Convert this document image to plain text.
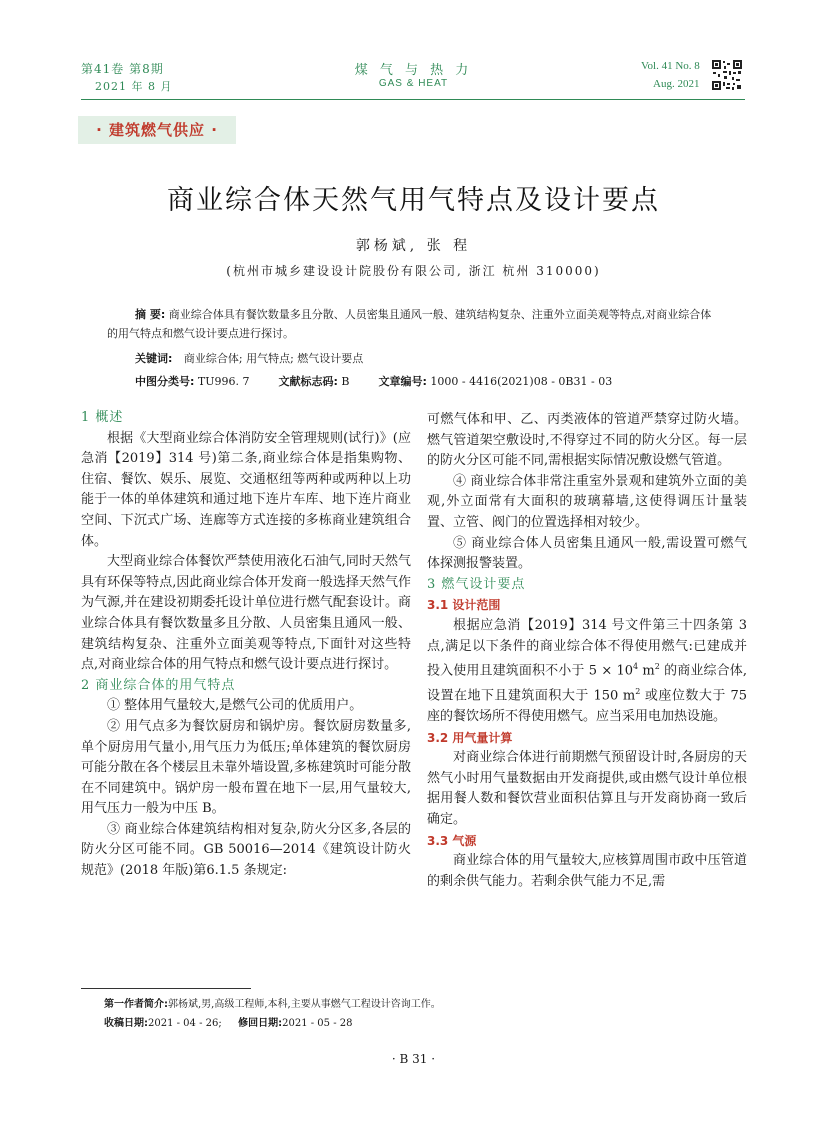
第41卷 第8期
2021 年 8 月
煤 气 与 热 力
GAS & HEAT
Vol. 41 No. 8
Aug. 2021
· 建筑燃气供应 ·
商业综合体天然气用气特点及设计要点
郭杨斌, 张 程
(杭州市城乡建设设计院股份有限公司, 浙江 杭州 310000)
摘 要: 商业综合体具有餐饮数量多且分散、人员密集且通风一般、建筑结构复杂、注重外立面美观等特点,对商业综合体的用气特点和燃气设计要点进行探讨。
关键词: 商业综合体; 用气特点; 燃气设计要点
中图分类号: TU996. 7	文献标志码: B	文章编号: 1000 - 4416(2021)08 - 0B31 - 03
1 概述

根据《大型商业综合体消防安全管理规则(试行)》(应急消【2019】314 号)第二条,商业综合体是指集购物、住宿、餐饮、娱乐、展览、交通枢纽等两种或两种以上功能于一体的单体建筑和通过地下连片车库、地下连片商业空间、下沉式广场、连廊等方式连接的多栋商业建筑组合体。

大型商业综合体餐饮严禁使用液化石油气,同时天然气具有环保等特点,因此商业综合体开发商一般选择天然气作为气源,并在建设初期委托设计单位进行燃气配套设计。商业综合体具有餐饮数量多且分散、人员密集且通风一般、建筑结构复杂、注重外立面美观等特点,下面针对这些特点,对商业综合体的用气特点和燃气设计要点进行探讨。

2 商业综合体的用气特点

① 整体用气量较大,是燃气公司的优质用户。

② 用气点多为餐饮厨房和锅炉房。餐饮厨房数量多,单个厨房用气量小,用气压力为低压;单体建筑的餐饮厨房可能分散在各个楼层且未靠外墙设置,多栋建筑时可能分散在不同建筑中。锅炉房一般布置在地下一层,用气量较大,用气压力一般为中压 B。

③ 商业综合体建筑结构相对复杂,防火分区多,各层的防火分区可能不同。GB 50016—2014《建筑设计防火规范》(2018 年版)第6.1.5 条规定:

可燃气体和甲、乙、丙类液体的管道严禁穿过防火墙。燃气管道架空敷设时,不得穿过不同的防火分区。每一层的防火分区可能不同,需根据实际情况敷设燃气管道。

④ 商业综合体非常注重室外景观和建筑外立面的美观,外立面常有大面积的玻璃幕墙,这使得调压计量装置、立管、阀门的位置选择相对较少。

⑤ 商业综合体人员密集且通风一般,需设置可燃气体探测报警装置。

3 燃气设计要点
3.1 设计范围

根据应急消【2019】314 号文件第三十四条第 3 点,满足以下条件的商业综合体不得使用燃气:已建成并投入使用且建筑面积不小于 $5 \times 10^4$ $m^2$ 的商业综合体,设置在地下且建筑面积大于 150 $m^2$ 或座位数大于 75 座的餐饮场所不得使用燃气。应当采用电加热设施。

3.2 用气量计算

对商业综合体进行前期燃气预留设计时,各厨房的天然气小时用气量数据由开发商提供,或由燃气设计单位根据用餐人数和餐饮营业面积估算且与开发商协商一致后确定。

3.3 气源

商业综合体的用气量较大,应核算周围市政中压管道的剩余供气能力。若剩余供气能力不足,需

第一作者简介:郭杨斌,男,高级工程师,本科,主要从事燃气工程设计咨询工作。
收稿日期:2021 - 04 - 26; 修回日期:2021 - 05 - 28
· B 31 ·
